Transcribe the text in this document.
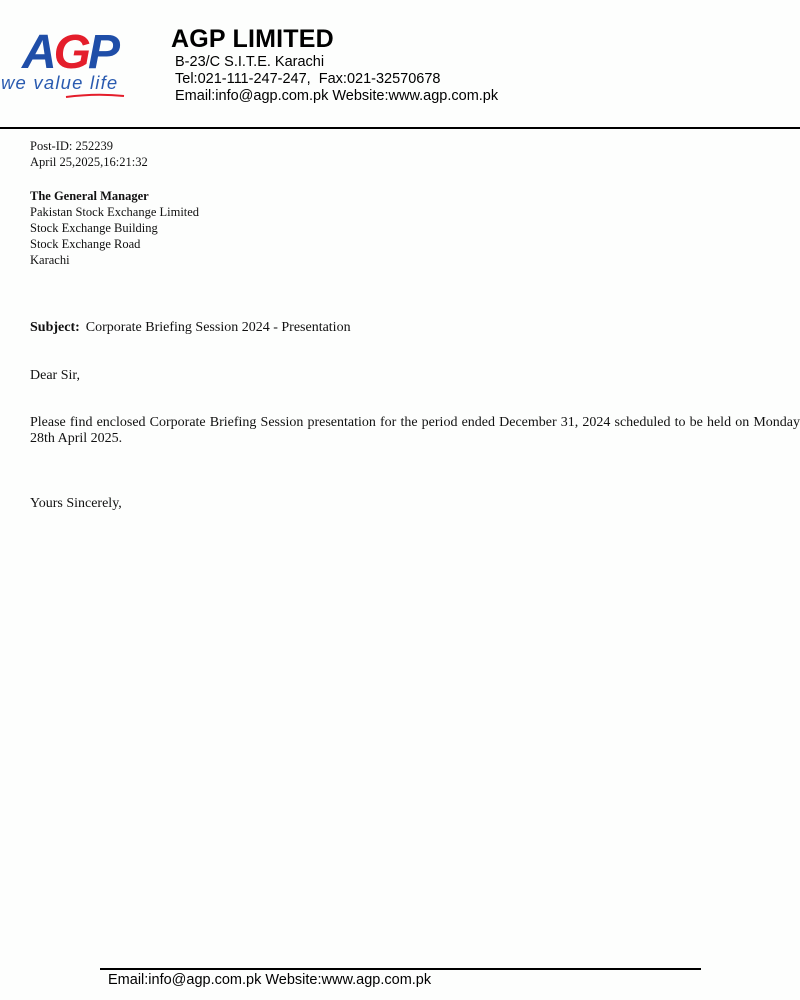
AGP
we value life
AGP LIMITED
B-23/C S.I.T.E. Karachi
Tel:021-111-247-247,  Fax:021-32570678
Email:info@agp.com.pk Website:www.agp.com.pk
Post-ID: 252239
April 25,2025,16:21:32
The General Manager
Pakistan Stock Exchange Limited
Stock Exchange Building
Stock Exchange Road
Karachi
Subject: Corporate Briefing Session 2024 - Presentation
Dear Sir,
Please find enclosed Corporate Briefing Session presentation for the period ended December 31, 2024 scheduled to be held on Monday 28th April 2025.
Yours Sincerely,
Email:info@agp.com.pk Website:www.agp.com.pk
